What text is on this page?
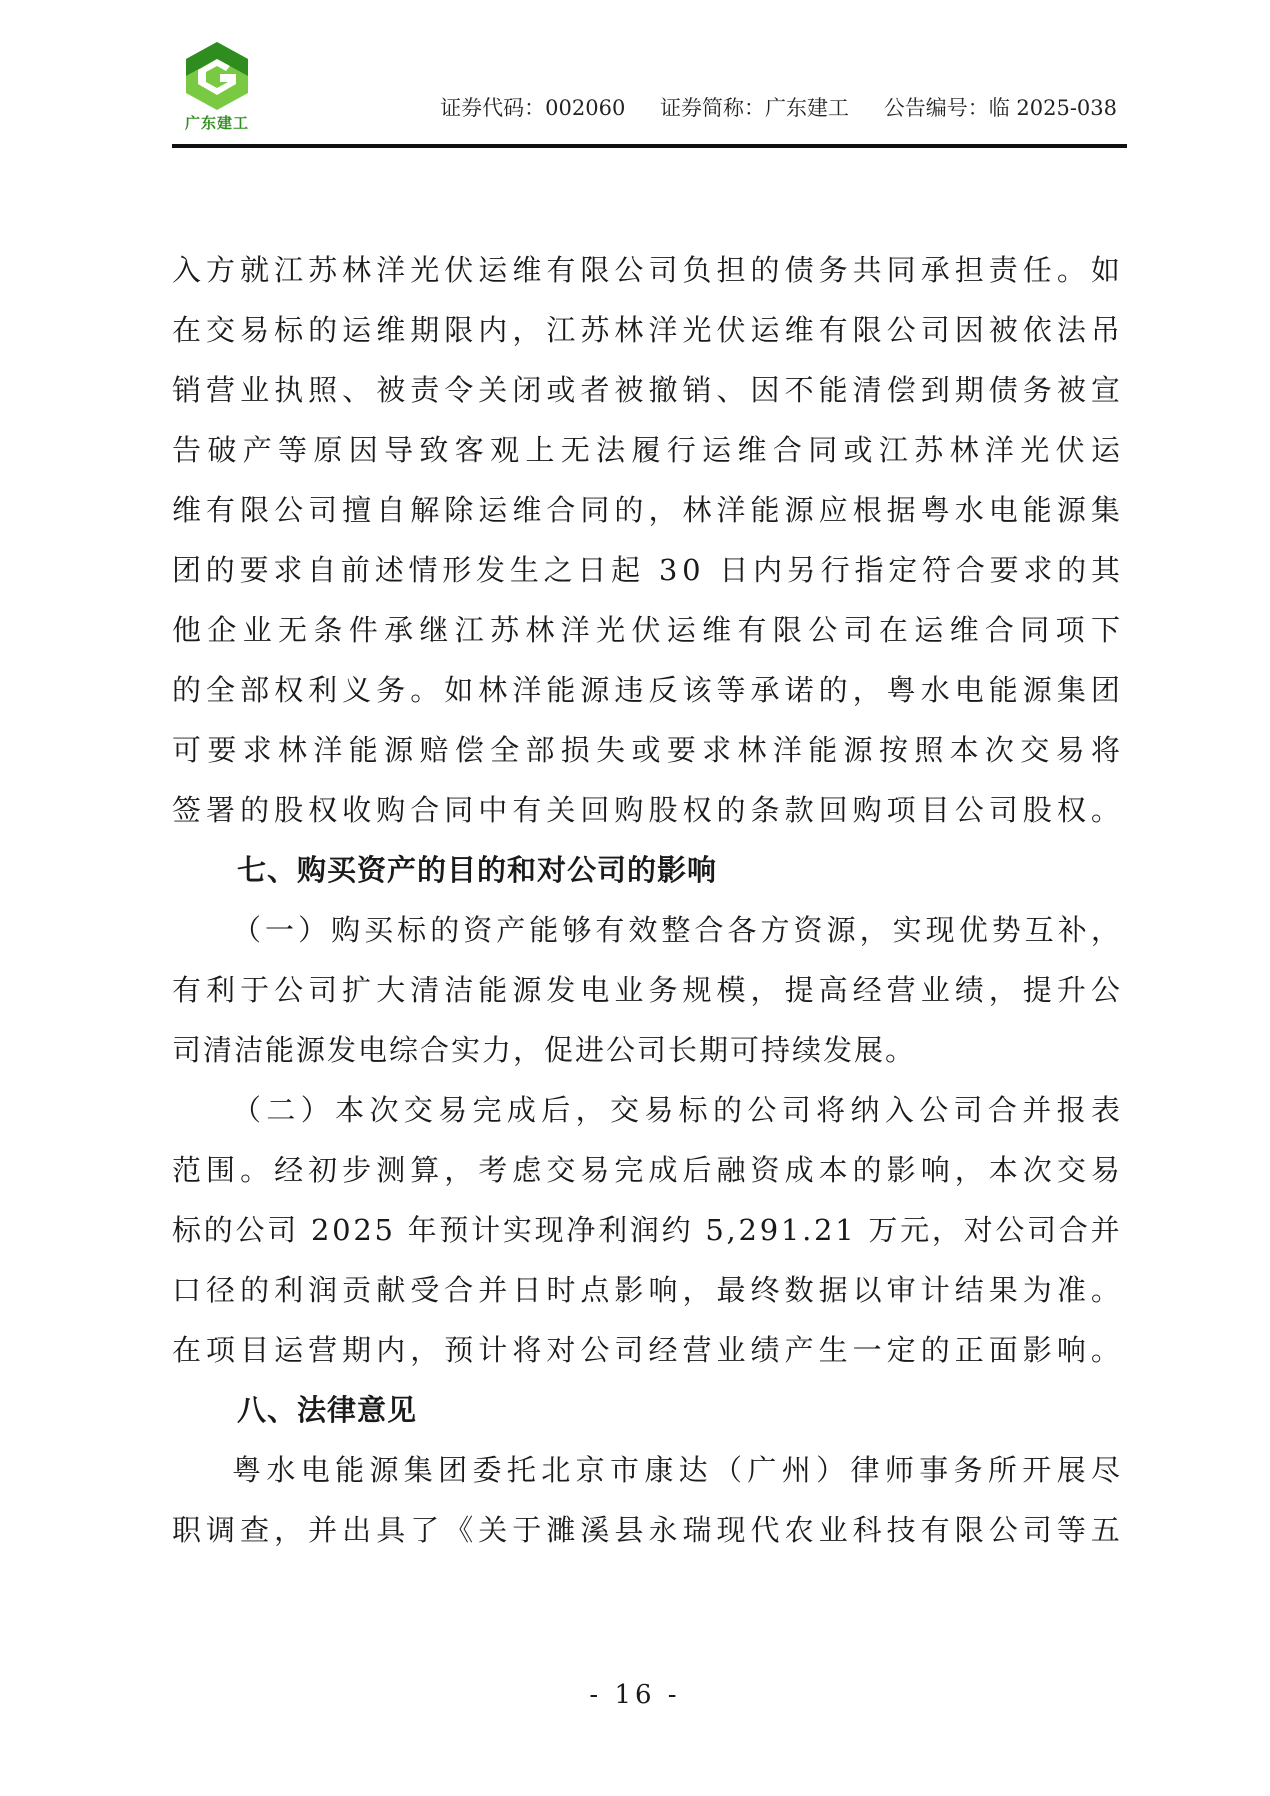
广东建工
证券代码：002060 证券简称：广东建工 公告编号：临 2025-038
入 方 就 江 苏 林 洋 光 伏 运 维 有 限 公 司 负 担 的 债 务 共 同 承 担 责 任 。 如
在 交 易 标 的 运 维 期 限 内 ， 江 苏 林 洋 光 伏 运 维 有 限 公 司 因 被 依 法 吊
销 营 业 执 照 、 被 责 令 关 闭 或 者 被 撤 销 、 因 不 能 清 偿 到 期 债 务 被 宣
告 破 产 等 原 因 导 致 客 观 上 无 法 履 行 运 维 合 同 或 江 苏 林 洋 光 伏 运
维 有 限 公 司 擅 自 解 除 运 维 合 同 的 ， 林 洋 能 源 应 根 据 粤 水 电 能 源 集
团 的 要 求 自 前 述 情 形 发 生 之 日 起
3 0
日 内 另 行 指 定 符 合 要 求 的 其
他 企 业 无 条 件 承 继 江 苏 林 洋 光 伏 运 维 有 限 公 司 在 运 维 合 同 项 下
的 全 部 权 利 义 务 。 如 林 洋 能 源 违 反 该 等 承 诺 的 ， 粤 水 电 能 源 集 团
可 要 求 林 洋 能 源 赔 偿 全 部 损 失 或 要 求 林 洋 能 源 按 照 本 次 交 易 将
签 署 的 股 权 收 购 合 同 中 有 关 回 购 股 权 的 条 款 回 购 项 目 公 司 股 权 。
七、购买资产的目的和对公司的影响
（ 一 ） 购 买 标 的 资 产 能 够 有 效 整 合 各 方 资 源 ， 实 现 优 势 互 补 ，
有 利 于 公 司 扩 大 清 洁 能 源 发 电 业 务 规 模 ， 提 高 经 营 业 绩 ， 提 升 公
司清洁能源发电综合实力，促进公司长期可持续发展。
（ 二 ） 本 次 交 易 完 成 后 ， 交 易 标 的 公 司 将 纳 入 公 司 合 并 报 表
范 围 。 经 初 步 测 算 ， 考 虑 交 易 完 成 后 融 资 成 本 的 影 响 ， 本 次 交 易
标 的 公 司
2 0 2 5
年 预 计 实 现 净 利 润 约
5 , 2 9 1 . 2 1
万 元 ， 对 公 司 合 并
口 径 的 利 润 贡 献 受 合 并 日 时 点 影 响 ， 最 终 数 据 以 审 计 结 果 为 准 。
在 项 目 运 营 期 内 ， 预 计 将 对 公 司 经 营 业 绩 产 生 一 定 的 正 面 影 响 。
八、法律意见
粤 水 电 能 源 集 团 委 托 北 京 市 康 达 （ 广 州 ） 律 师 事 务 所 开 展 尽
职 调 查 ， 并 出 具 了 《 关 于 濉 溪 县 永 瑞 现 代 农 业 科 技 有 限 公 司 等 五
- 16 -
